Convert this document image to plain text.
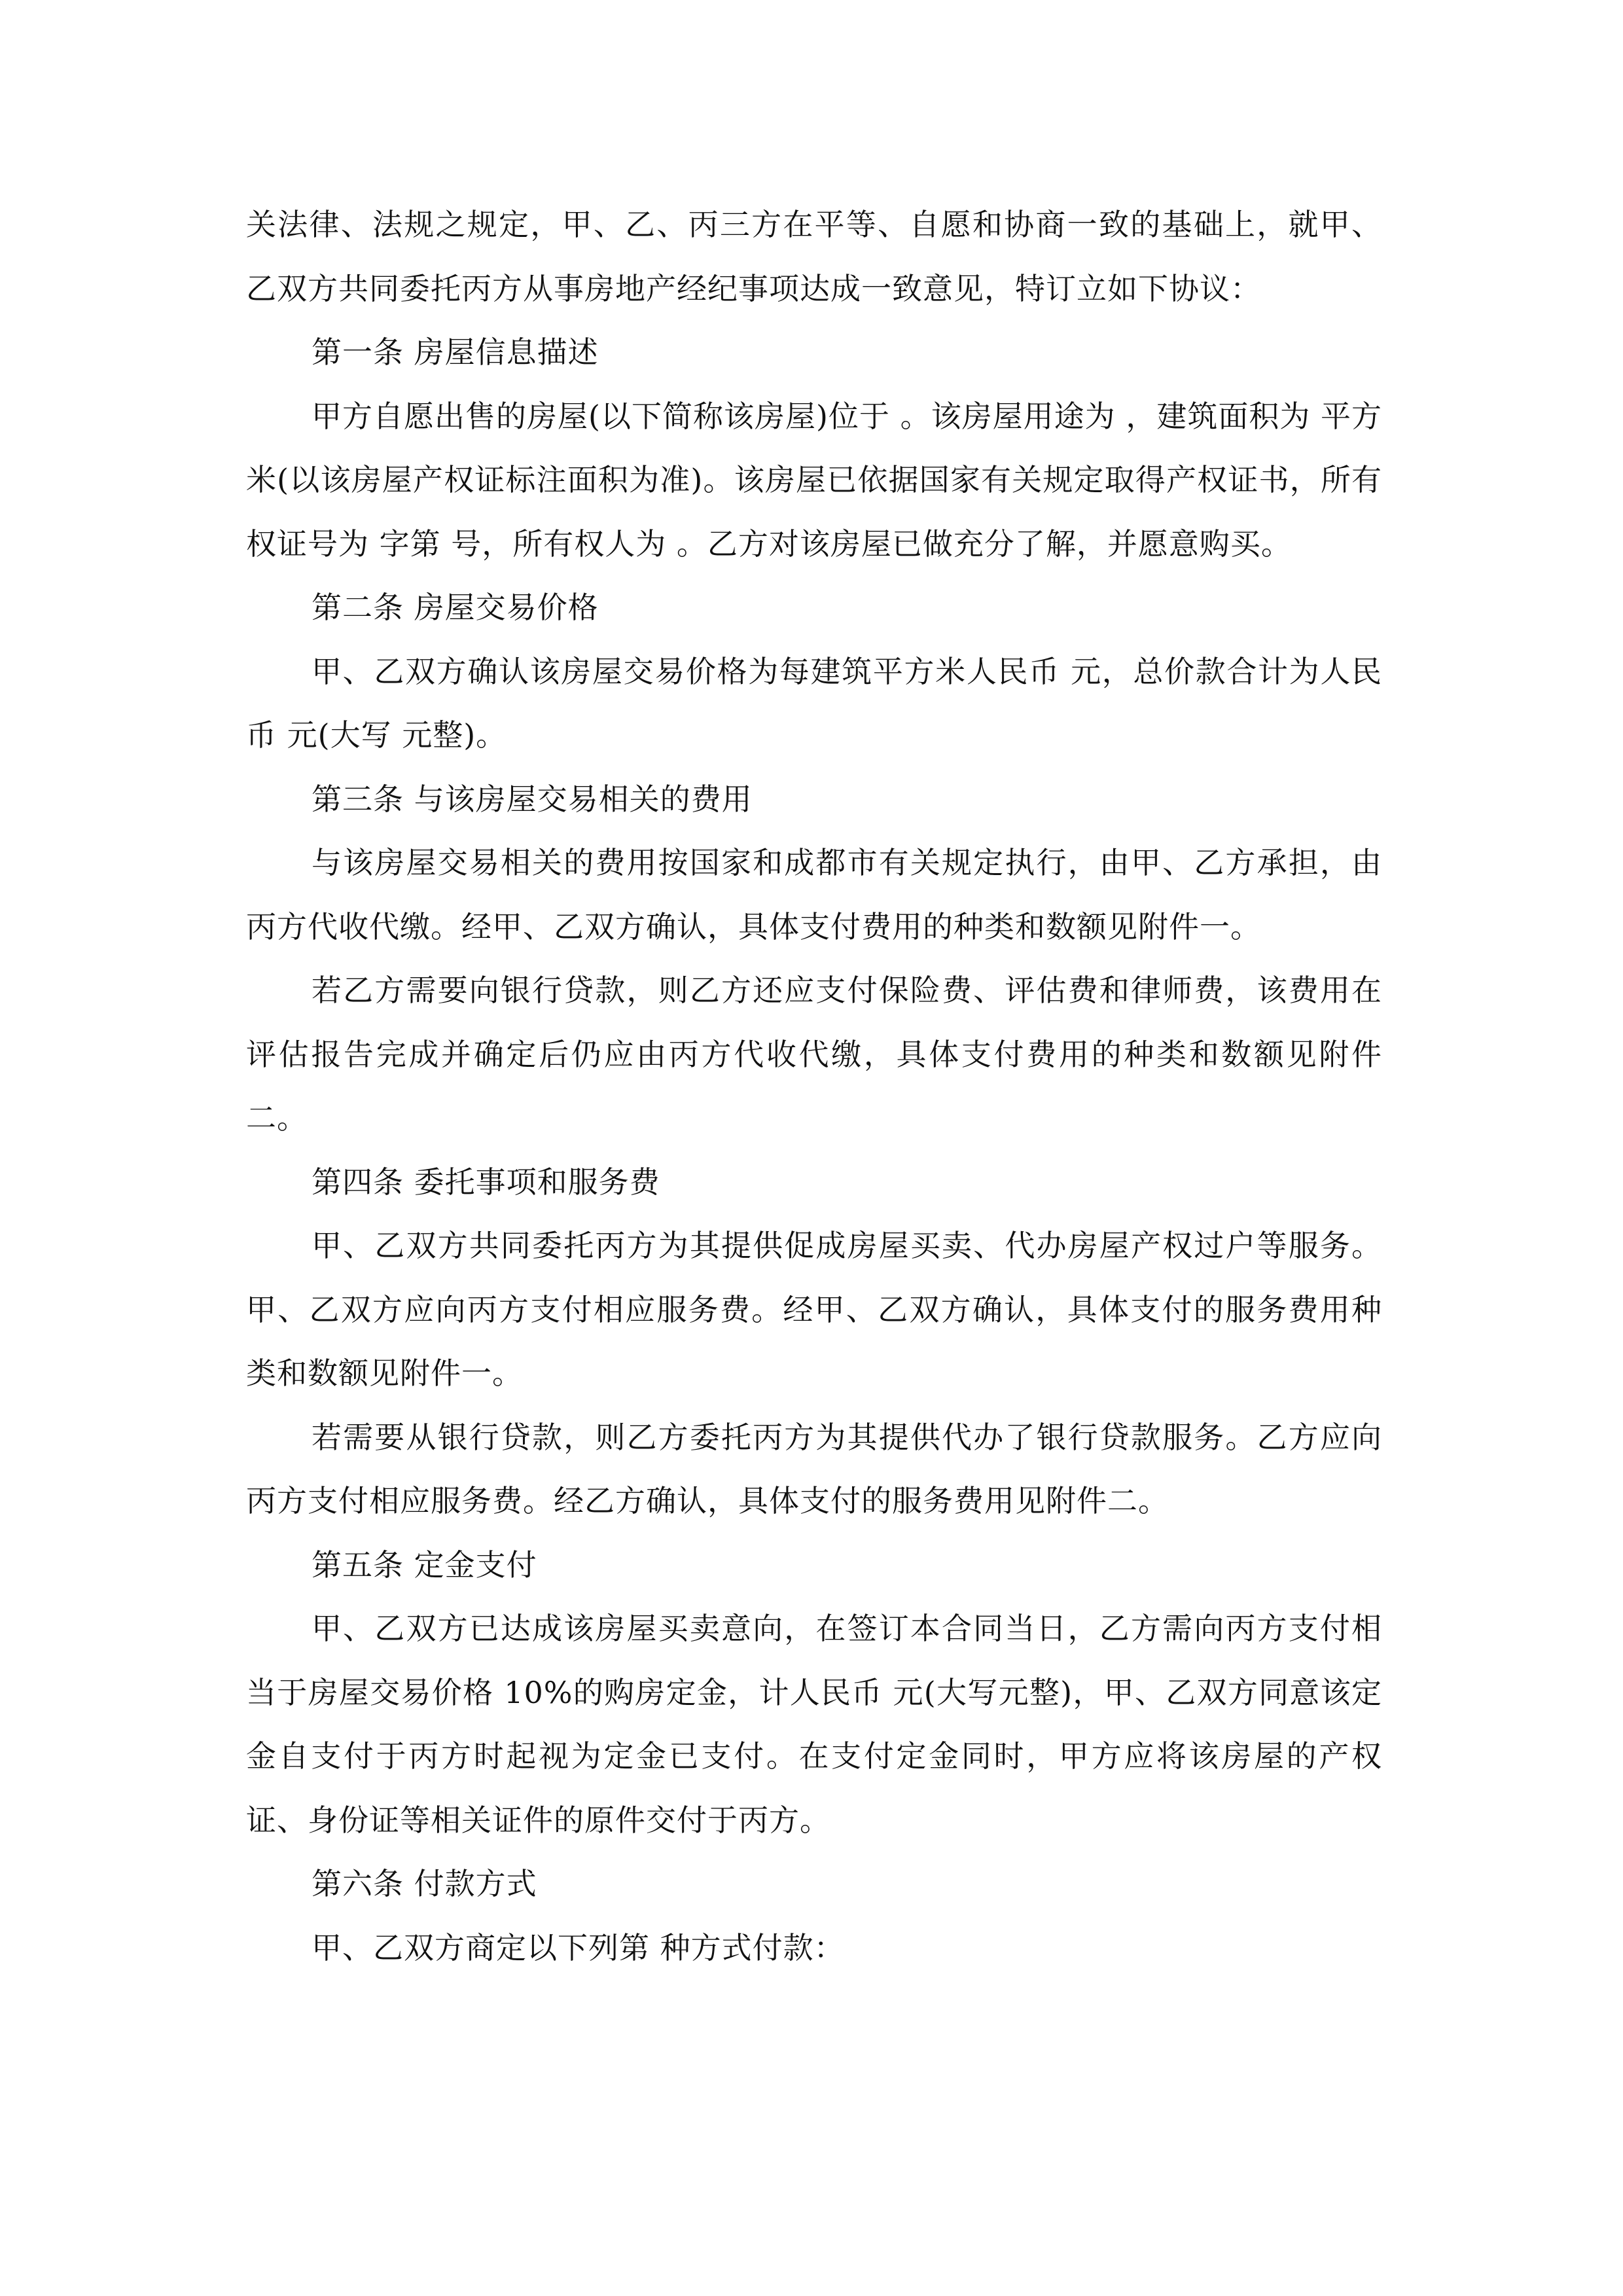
关法律、法规之规定，甲、乙、丙三方在平等、自愿和协商一致的基础上，就甲、乙双方共同委托丙方从事房地产经纪事项达成一致意见，特订立如下协议：

第一条 房屋信息描述

甲方自愿出售的房屋(以下简称该房屋)位于 。该房屋用途为 ，建筑面积为 平方米(以该房屋产权证标注面积为准)。该房屋已依据国家有关规定取得产权证书，所有权证号为 字第 号，所有权人为 。乙方对该房屋已做充分了解，并愿意购买。

第二条 房屋交易价格

甲、乙双方确认该房屋交易价格为每建筑平方米人民币 元，总价款合计为人民币 元(大写 元整)。

第三条 与该房屋交易相关的费用

与该房屋交易相关的费用按国家和成都市有关规定执行，由甲、乙方承担，由丙方代收代缴。经甲、乙双方确认，具体支付费用的种类和数额见附件一。

若乙方需要向银行贷款，则乙方还应支付保险费、评估费和律师费，该费用在评估报告完成并确定后仍应由丙方代收代缴，具体支付费用的种类和数额见附件二。

第四条 委托事项和服务费

甲、乙双方共同委托丙方为其提供促成房屋买卖、代办房屋产权过户等服务。甲、乙双方应向丙方支付相应服务费。经甲、乙双方确认，具体支付的服务费用种类和数额见附件一。

若需要从银行贷款，则乙方委托丙方为其提供代办了银行贷款服务。乙方应向丙方支付相应服务费。经乙方确认，具体支付的服务费用见附件二。

第五条 定金支付

甲、乙双方已达成该房屋买卖意向，在签订本合同当日，乙方需向丙方支付相当于房屋交易价格 10%的购房定金，计人民币 元(大写元整)，甲、乙双方同意该定金自支付于丙方时起视为定金已支付。在支付定金同时，甲方应将该房屋的产权证、身份证等相关证件的原件交付于丙方。

第六条 付款方式

甲、乙双方商定以下列第 种方式付款：
